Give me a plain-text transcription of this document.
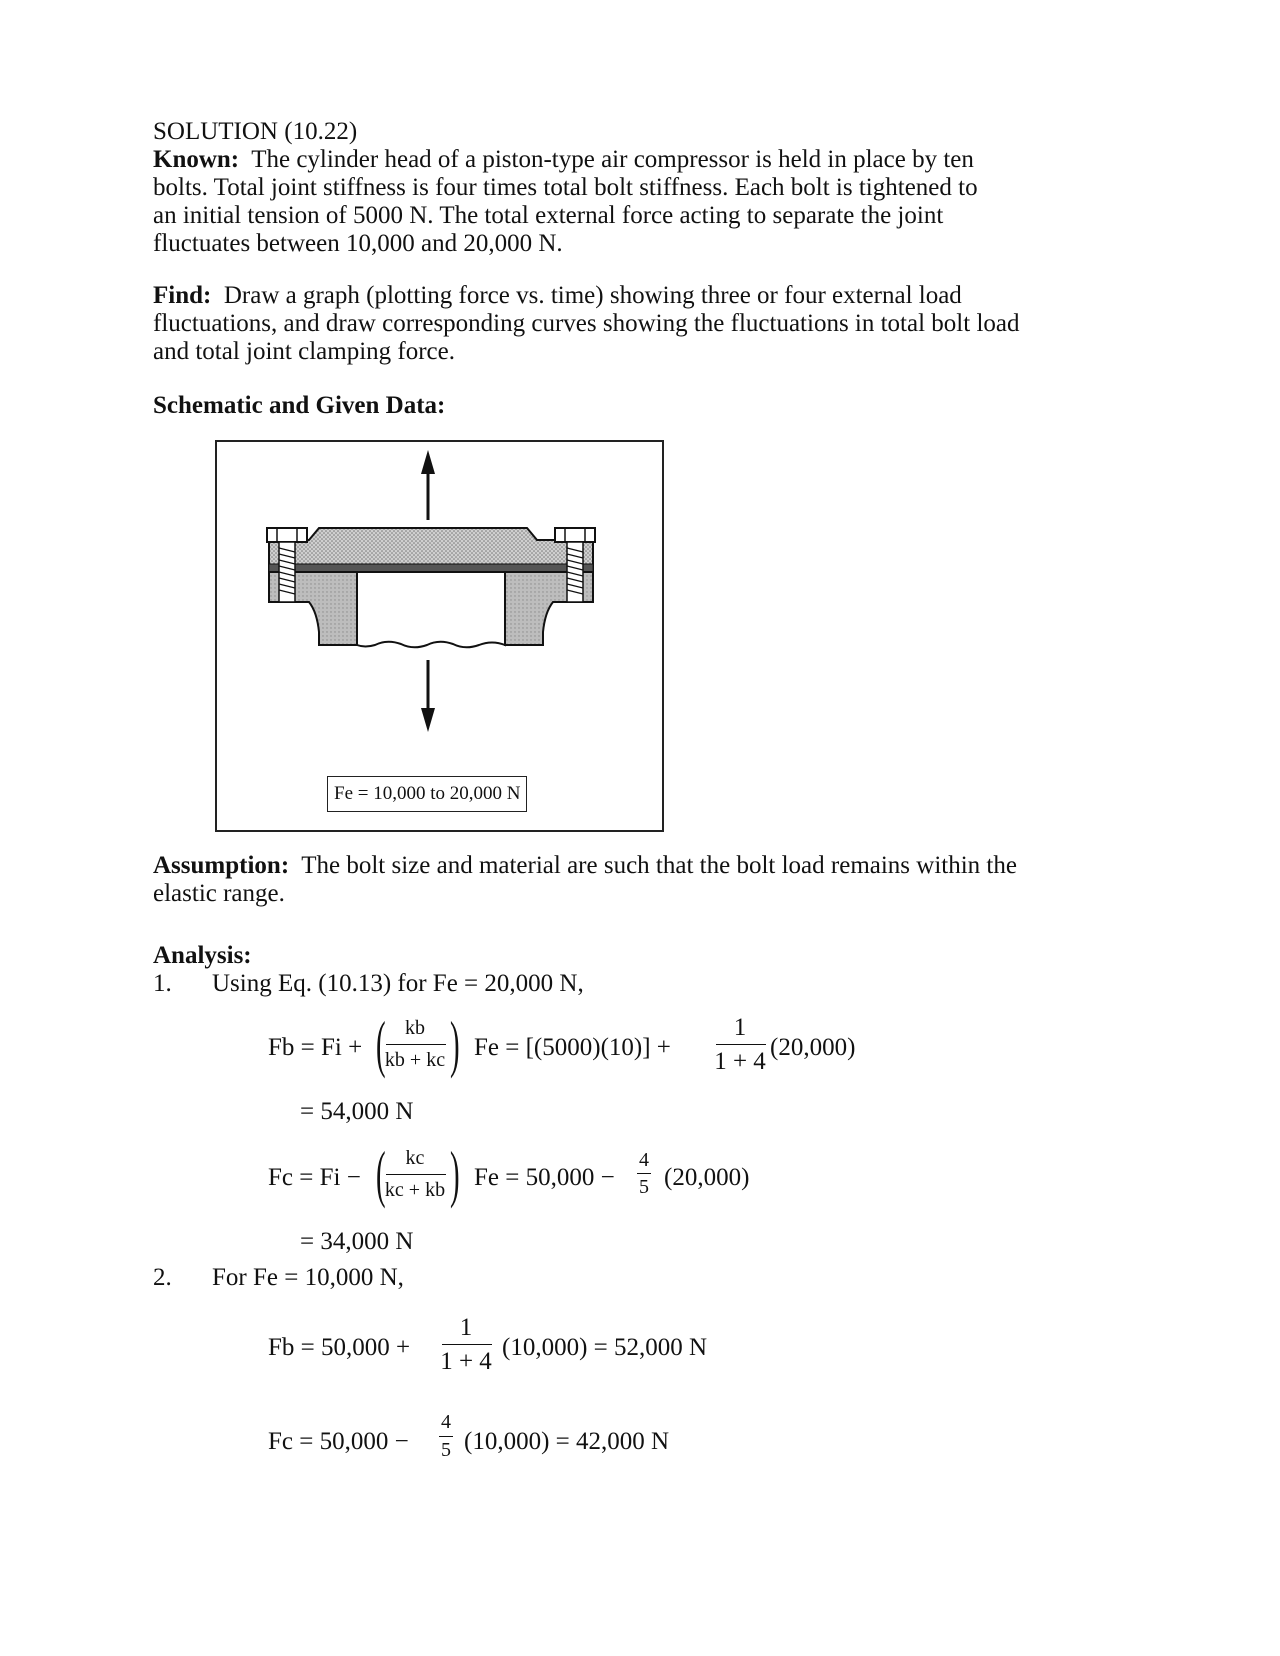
SOLUTION (10.22)
Known: The cylinder head of a piston-type air compressor is held in place by ten
bolts. Total joint stiffness is four times total bolt stiffness. Each bolt is tightened to
an initial tension of 5000 N. The total external force acting to separate the joint
fluctuates between 10,000 and 20,000 N.
Find: Draw a graph (plotting force vs. time) showing three or four external load
fluctuations, and draw corresponding curves showing the fluctuations in total bolt load
and total joint clamping force.
Schematic and Given Data:
Fe = 10,000 to 20,000 N
Assumption: The bolt size and material are such that the bolt load remains within the
elastic range.
Analysis:
1. Using Eq. (10.13) for Fe = 20,000 N,
Fb = Fi + ( kb
kb + kc ) Fe = [(5000)(10)] +
1
1 + 4
(20,000)
= 54,000 N
Fc = Fi − ( kc
kc + kb ) Fe = 50,000 −
4
5 (20,000)
= 34,000 N
2. For Fe = 10,000 N,
Fb = 50,000 +
1
1 + 4
(10,000) = 52,000 N
Fc = 50,000 −
4
5 (10,000) = 42,000 N
